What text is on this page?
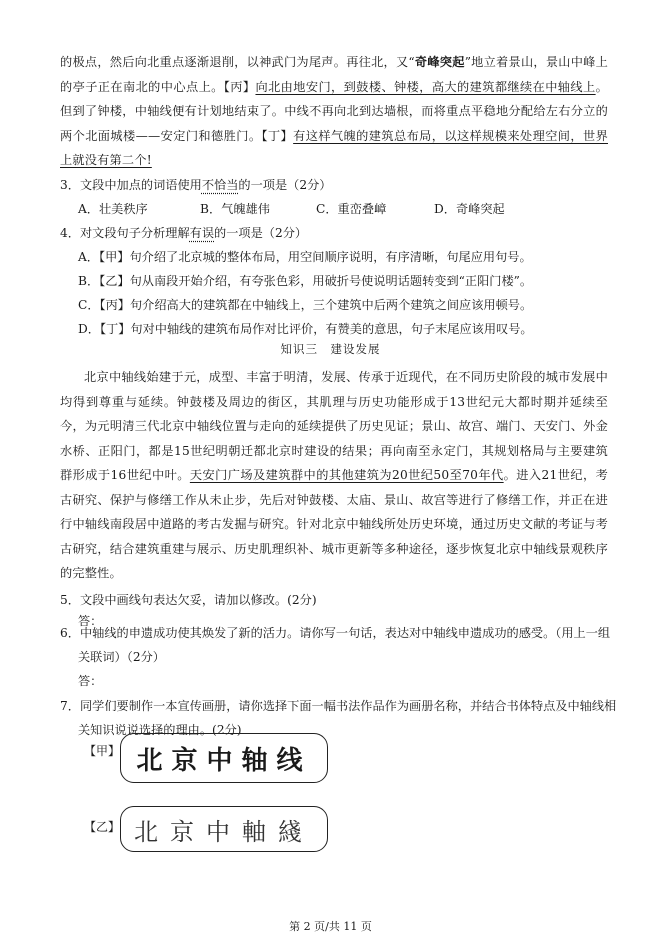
的极点，然后向北重点逐渐退削，以神武门为尾声。再往北，又“奇峰突起”地立着景山，景山中峰上的亭子正在南北的中心点上。【丙】向北由地安门，到鼓楼、钟楼，高大的建筑都继续在中轴线上。但到了钟楼，中轴线便有计划地结束了。中线不再向北到达墙根，而将重点平稳地分配给左右分立的两个北面城楼——安定门和德胜门。【丁】有这样气魄的建筑总布局，以这样规模来处理空间，世界上就没有第二个!
3．文段中加点的词语使用不恰当的一项是（2分）
A．壮美秩序	B．气魄雄伟	C．重峦叠嶂	D．奇峰突起
4．对文段句子分析理解有误的一项是（2分）
A．【甲】句介绍了北京城的整体布局，用空间顺序说明，有序清晰，句尾应用句号。
B．【乙】句从南段开始介绍，有夸张色彩，用破折号使说明话题转变到“正阳门楼”。
C．【丙】句介绍高大的建筑都在中轴线上，三个建筑中后两个建筑之间应该用顿号。
D．【丁】句对中轴线的建筑布局作对比评价，有赞美的意思，句子末尾应该用叹号。
知识三　建设发展
北京中轴线始建于元，成型、丰富于明清，发展、传承于近现代，在不同历史阶段的城市发展中均得到尊重与延续。钟鼓楼及周边的街区，其肌理与历史功能形成于13世纪元大都时期并延续至今，为元明清三代北京中轴线位置与走向的延续提供了历史见证；景山、故宫、端门、天安门、外金水桥、正阳门，都是15世纪明朝迁都北京时建设的结果；再向南至永定门，其规划格局与主要建筑群形成于16世纪中叶。天安门广场及建筑群中的其他建筑为20世纪50至70年代。进入21世纪，考古研究、保护与修缮工作从未止步，先后对钟鼓楼、太庙、景山、故宫等进行了修缮工作，并正在进行中轴线南段居中道路的考古发掘与研究。针对北京中轴线所处历史环境，通过历史文献的考证与考古研究，结合建筑重建与展示、历史肌理织补、城市更新等多种途径，逐步恢复北京中轴线景观秩序的完整性。
5．文段中画线句表达欠妥，请加以修改。(2分)
答：
6．中轴线的申遗成功使其焕发了新的活力。请你写一句话，表达对中轴线申遗成功的感受。（用上一组
关联词）（2分）
答：
7．同学们要制作一本宣传画册，请你选择下面一幅书法作品作为画册名称，并结合书体特点及中轴线相
关知识说说选择的理由。(2分)
【甲】 北京中轴线
【乙】 北京中軸綫
第 2 页/共 11 页
